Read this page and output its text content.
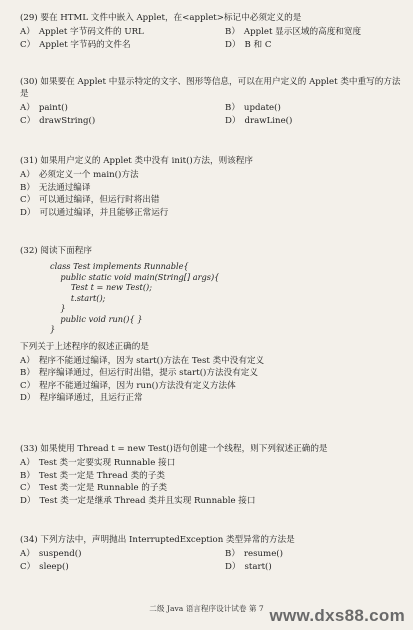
(29) 要在 HTML 文件中嵌入 Applet，在<applet>标记中必须定义的是
A） Applet 字节码文件的 URL	B） Applet 显示区域的高度和宽度
C） Applet 字节码的文件名	D） B 和 C
(30) 如果要在 Applet 中显示特定的文字、图形等信息，可以在用户定义的 Applet 类中重写的方法是
A） paint()	B） update()
C） drawString()	D） drawLine()
(31) 如果用户定义的 Applet 类中没有 init()方法，则该程序
A） 必须定义一个 main()方法
B） 无法通过编译
C） 可以通过编译，但运行时将出错
D） 可以通过编译，并且能够正常运行
(32) 阅读下面程序
class Test implements Runnable{
public static void main(String[] args){
Test t = new Test();
t.start();
}
public void run(){ }
}
下列关于上述程序的叙述正确的是
A） 程序不能通过编译，因为 start()方法在 Test 类中没有定义
B） 程序编译通过，但运行时出错，提示 start()方法没有定义
C） 程序不能通过编译，因为 run()方法没有定义方法体
D） 程序编译通过，且运行正常
(33) 如果使用 Thread t = new Test()语句创建一个线程，则下列叙述正确的是
A） Test 类一定要实现 Runnable 接口
B） Test 类一定是 Thread 类的子类
C） Test 类一定是 Runnable 的子类
D） Test 类一定是继承 Thread 类并且实现 Runnable 接口
(34) 下列方法中，声明抛出 InterruptedException 类型异常的方法是
A） suspend()	B） resume()
C） sleep()	D） start()
二级 Java 语言程序设计试卷 第 7 www.dxs88.com
